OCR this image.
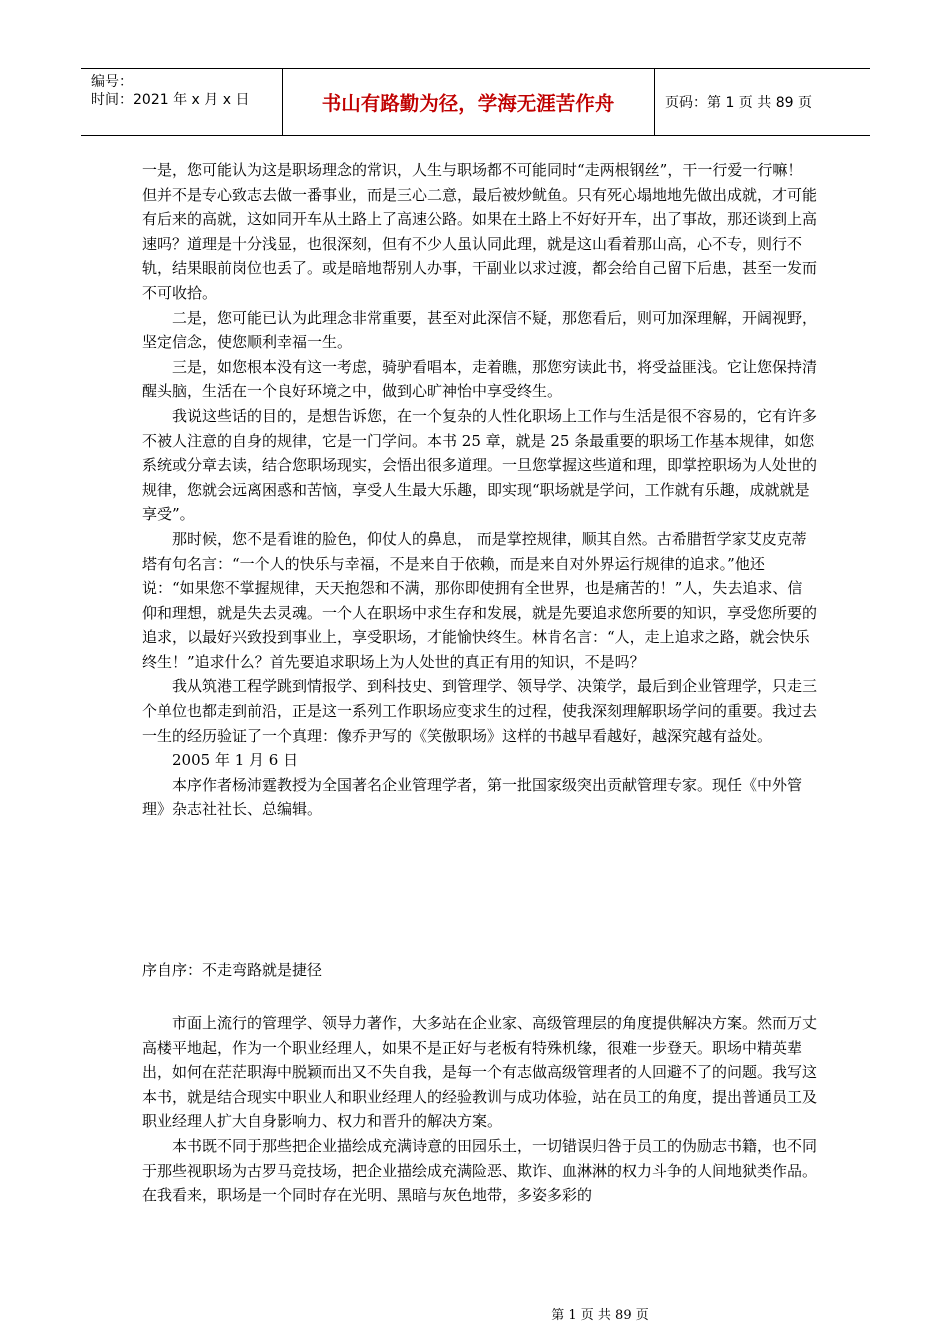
编号：
时间：2021 年 x 月 x 日	书山有路勤为径，学海无涯苦作舟	页码：第 1 页 共 89 页

一是，您可能认为这是职场理念的常识，人生与职场都不可能同时“走两根钢丝”，干一行爱一行嘛！但并不是专心致志去做一番事业，而是三心二意，最后被炒鱿鱼。只有死心塌地地先做出成就，才可能有后来的高就，这如同开车从土路上了高速公路。如果在土路上不好好开车，出了事故，那还谈到上高速吗？道理是十分浅显，也很深刻，但有不少人虽认同此理，就是这山看着那山高，心不专，则行不轨，结果眼前岗位也丢了。或是暗地帮别人办事，干副业以求过渡，都会给自己留下后患，甚至一发而不可收拾。

二是，您可能已认为此理念非常重要，甚至对此深信不疑，那您看后，则可加深理解，开阔视野，坚定信念，使您顺利幸福一生。

三是，如您根本没有这一考虑，骑驴看唱本，走着瞧，那您穷读此书，将受益匪浅。它让您保持清醒头脑，生活在一个良好环境之中，做到心旷神怡中享受终生。

我说这些话的目的，是想告诉您，在一个复杂的人性化职场上工作与生活是很不容易的，它有许多不被人注意的自身的规律，它是一门学问。本书 25 章，就是 25 条最重要的职场工作基本规律，如您系统或分章去读，结合您职场现实，会悟出很多道理。一旦您掌握这些道和理，即掌控职场为人处世的规律，您就会远离困惑和苦恼，享受人生最大乐趣，即实现“职场就是学问，工作就有乐趣，成就就是享受”。

那时候，您不是看谁的脸色，仰仗人的鼻息， 而是掌控规律，顺其自然。古希腊哲学家艾皮克蒂塔有句名言：“一个人的快乐与幸福，不是来自于依赖，而是来自对外界运行规律的追求。”他还说：“如果您不掌握规律，天天抱怨和不满，那你即使拥有全世界，也是痛苦的！”人，失去追求、信仰和理想，就是失去灵魂。一个人在职场中求生存和发展，就是先要追求您所要的知识，享受您所要的追求，以最好兴致投到事业上，享受职场，才能愉快终生。林肯名言：“人，走上追求之路，就会快乐终生！”追求什么？首先要追求职场上为人处世的真正有用的知识，不是吗？

我从筑港工程学跳到情报学、到科技史、到管理学、领导学、决策学，最后到企业管理学，只走三个单位也都走到前沿，正是这一系列工作职场应变求生的过程，使我深刻理解职场学问的重要。我过去一生的经历验证了一个真理：像乔尹写的《笑傲职场》这样的书越早看越好，越深究越有益处。

2005 年 1 月 6 日

本序作者杨沛霆教授为全国著名企业管理学者，第一批国家级突出贡献管理专家。现任《中外管理》杂志社社长、总编辑。

序自序：不走弯路就是捷径

市面上流行的管理学、领导力著作，大多站在企业家、高级管理层的角度提供解决方案。然而万丈高楼平地起，作为一个职业经理人，如果不是正好与老板有特殊机缘，很难一步登天。职场中精英辈出，如何在茫茫职海中脱颖而出又不失自我，是每一个有志做高级管理者的人回避不了的问题。我写这本书，就是结合现实中职业人和职业经理人的经验教训与成功体验，站在员工的角度，提出普通员工及职业经理人扩大自身影响力、权力和晋升的解决方案。

本书既不同于那些把企业描绘成充满诗意的田园乐土，一切错误归咎于员工的伪励志书籍，也不同于那些视职场为古罗马竞技场，把企业描绘成充满险恶、欺诈、血淋淋的权力斗争的人间地狱类作品。在我看来，职场是一个同时存在光明、黑暗与灰色地带，多姿多彩的

第 1 页 共 89 页
